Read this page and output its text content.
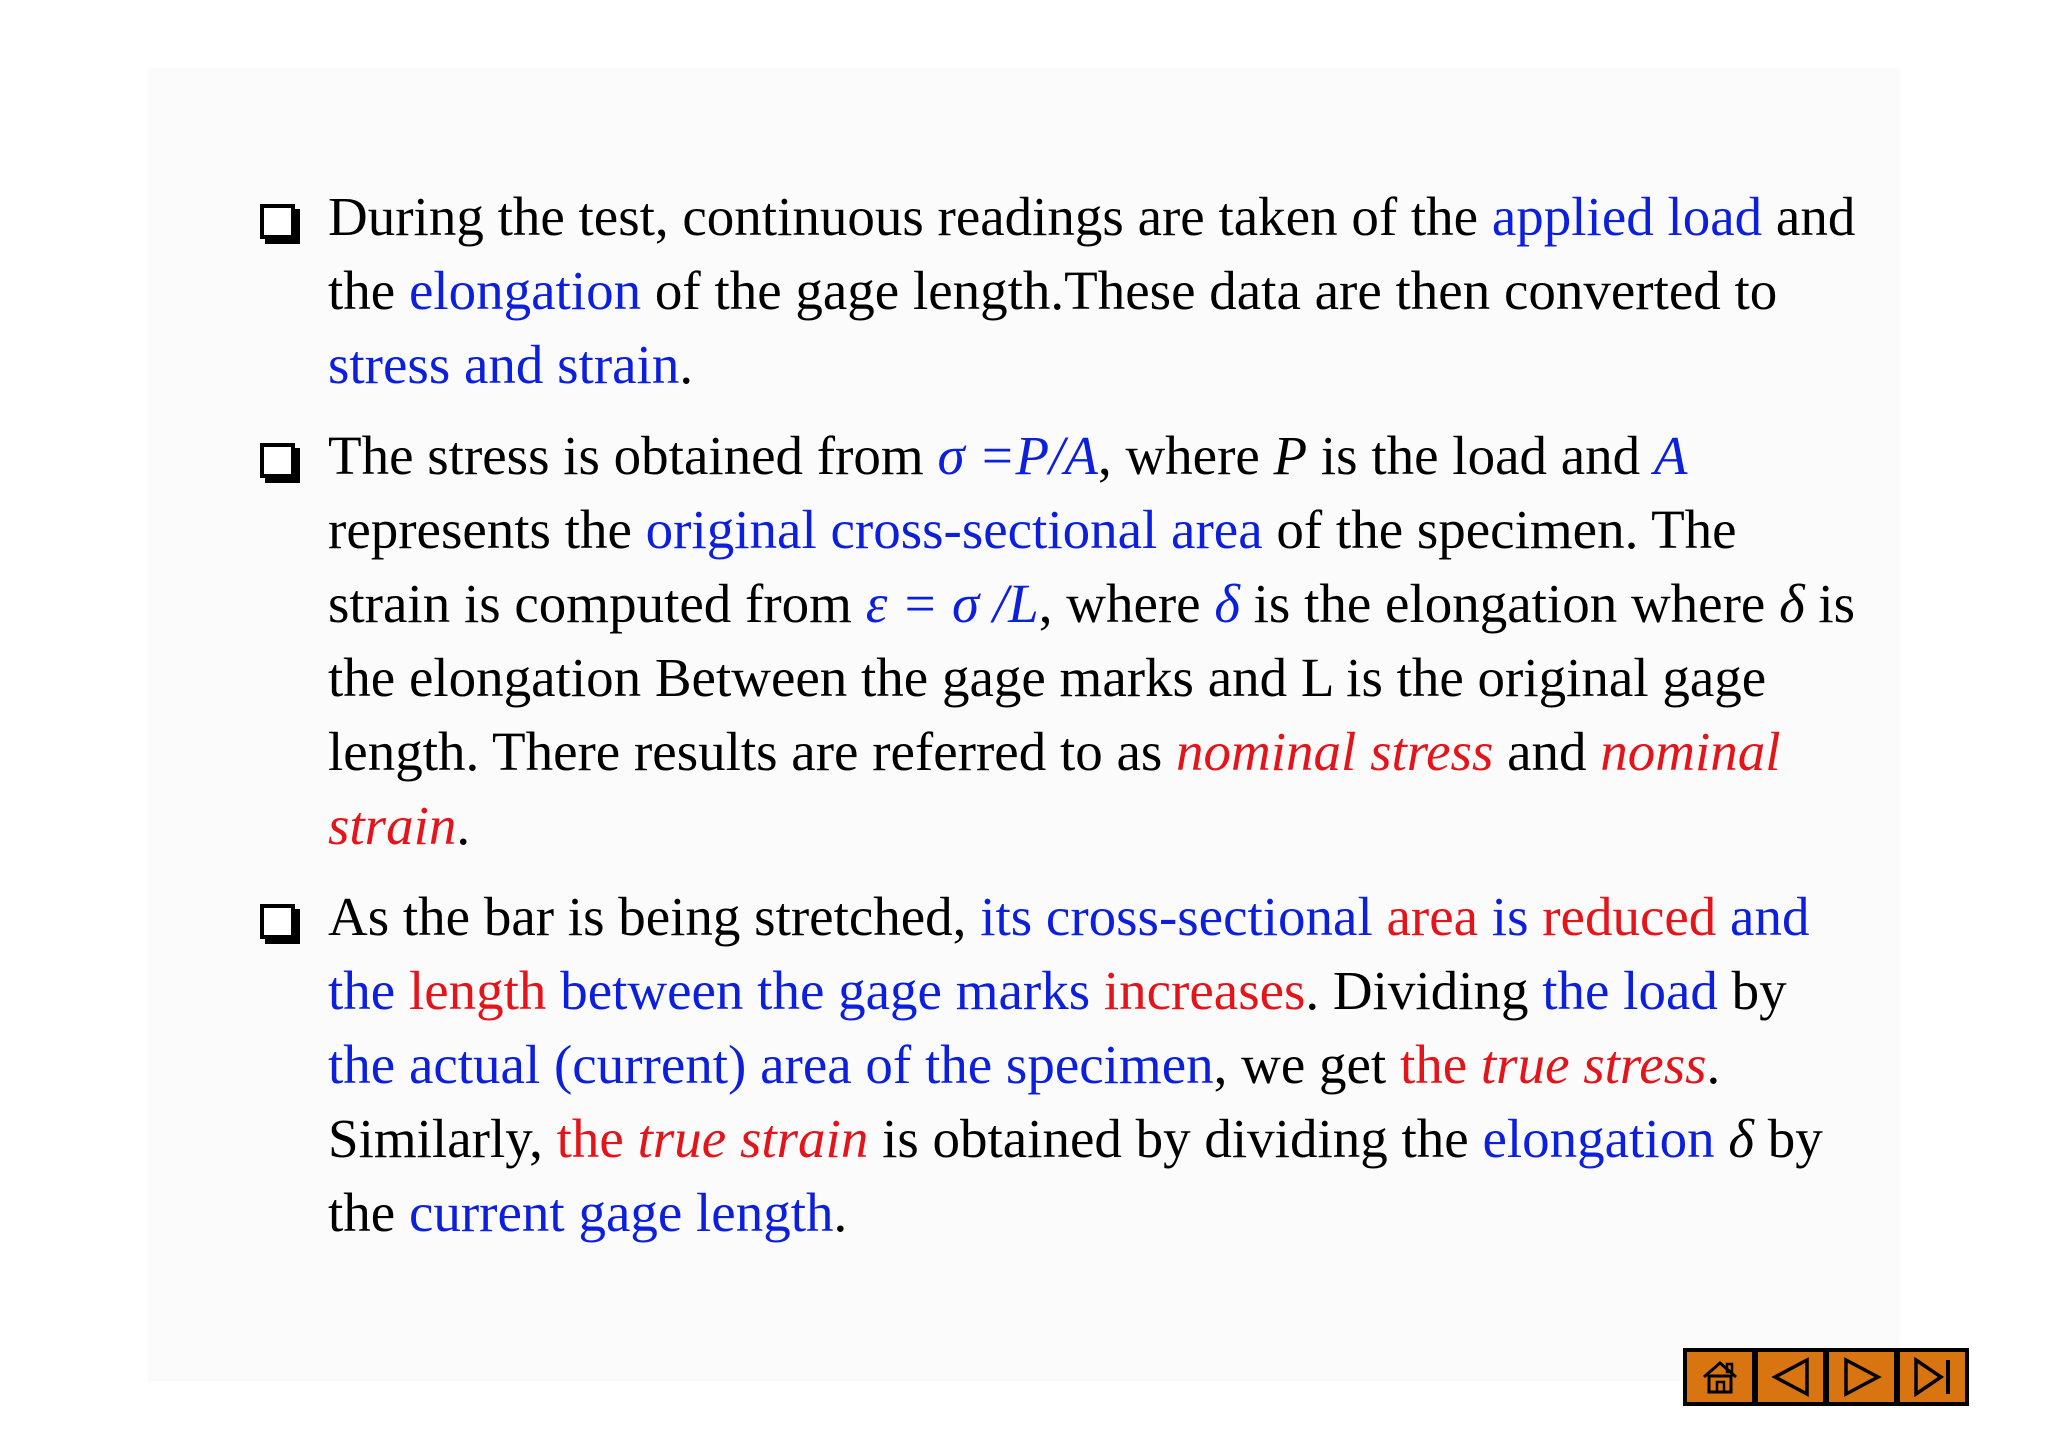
During the test, continuous readings are taken of the applied load and the elongation of the gage length.These data are then converted to stress and strain.
The stress is obtained from σ =P/A, where P is the load and A represents the original cross-sectional area of the specimen. The strain is computed from ε = σ /L, where δ is the elongation where δ is the elongation Between the gage marks and L is the original gage length. There results are referred to as nominal stress and nominal strain.
As the bar is being stretched, its cross-sectional area is reduced and the length between the gage marks increases. Dividing the load by the actual (current) area of the specimen, we get the true stress. Similarly, the true strain is obtained by dividing the elongation δ by the current gage length.
